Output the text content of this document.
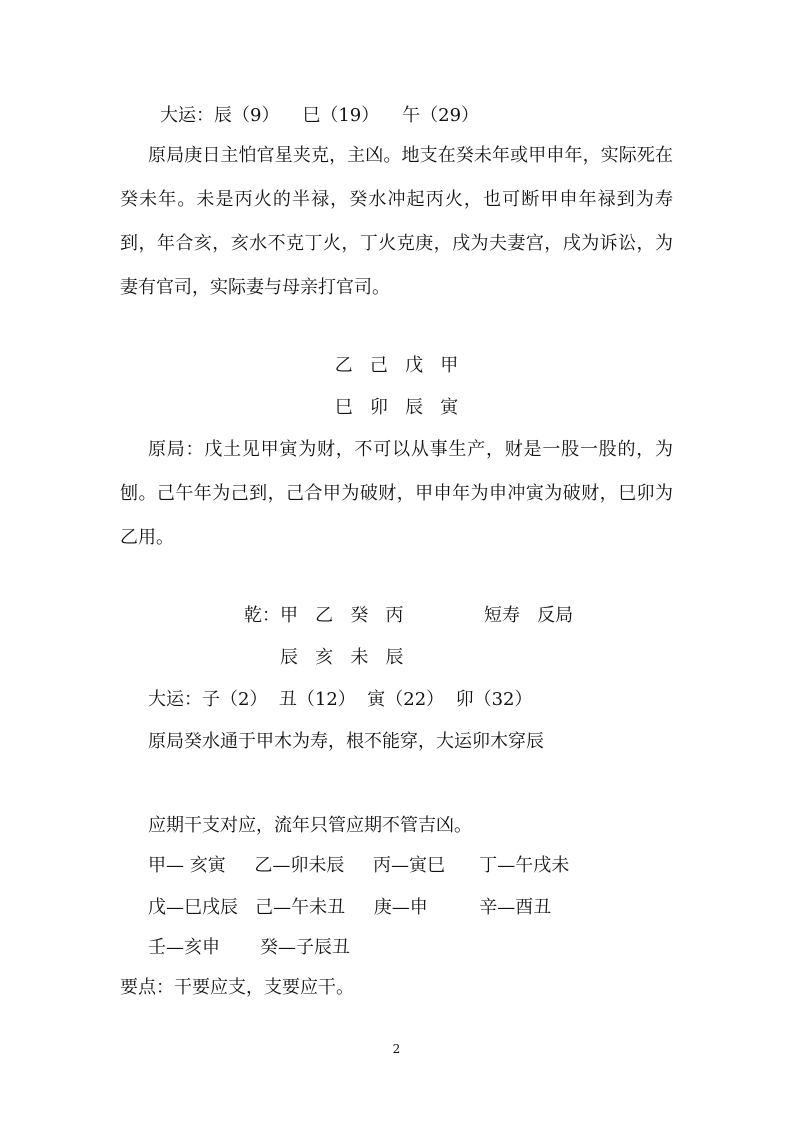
大运：辰（9）    巳（19）    午（29）
原局庚日主怕官星夹克，主凶。地支在癸未年或甲申年，实际死在癸未年。未是丙火的半禄，癸水冲起丙火，也可断甲申年禄到为寿到，年合亥，亥水不克丁火，丁火克庚，戌为夫妻宫，戌为诉讼，为妻有官司，实际妻与母亲打官司。
乙   己   戊   甲
巳   卯   辰   寅
原局：戊土见甲寅为财，不可以从事生产，财是一股一股的，为刨。己午年为己到，己合甲为破财，甲申年为申冲寅为破财，巳卯为乙用。
乾：甲   乙   癸   丙	短寿   反局
辰   亥   未   辰
大运：子（2）  丑（12）  寅（22）  卯（32）
原局癸水通于甲木为寿，根不能穿，大运卯木穿辰
应期干支对应，流年只管应期不管吉凶。
甲— 亥寅     乙—卯未辰     丙—寅巳      丁—午戌未
戊—巳戌辰   己—午未丑     庚—申         辛—酉丑
壬—亥申       癸—子辰丑
要点：干要应支，支要应干。
2
